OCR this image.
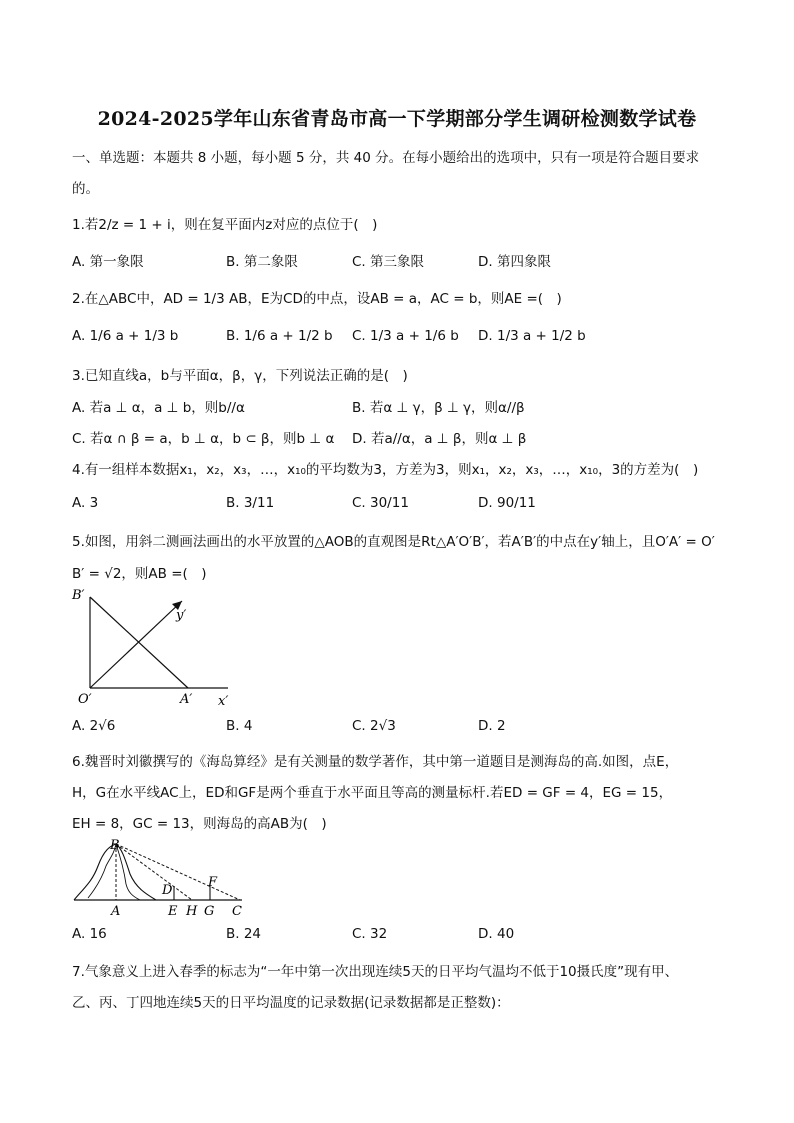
2024-2025学年山东省青岛市高一下学期部分学生调研检测数学试卷
一、单选题：本题共 8 小题，每小题 5 分，共 40 分。在每小题给出的选项中，只有一项是符合题目要求
的。
1.若2/z = 1 + i，则在复平面内z对应的点位于(　)
A. 第一象限	B. 第二象限	C. 第三象限	D. 第四象限
2.在△ABC中，AD = 1/3 AB，E为CD的中点，设AB = a，AC = b，则AE =(　)
A. 1/6 a + 1/3 b	B. 1/6 a + 1/2 b C. 1/3 a + 1/6 b D. 1/3 a + 1/2 b
3.已知直线a，b与平面α，β，γ，下列说法正确的是(　)
A. 若a ⊥ α，a ⊥ b，则b//α	B. 若α ⊥ γ，β ⊥ γ，则α//β
C. 若α ∩ β = a，b ⊥ α，b ⊂ β，则b ⊥ α D. 若a//α，a ⊥ β，则α ⊥ β
4.有一组样本数据x₁，x₂，x₃，…，x₁₀的平均数为3，方差为3，则x₁，x₂，x₃，…，x₁₀，3的方差为(　)
A. 3	B. 3/11	C. 30/11	D. 90/11
5.如图，用斜二测画法画出的水平放置的△AOB的直观图是Rt△A′O′B′，若A′B′的中点在y′轴上，且O′A′ = O′
B′ = √2，则AB =(　)
B′
y′
O′	A′ x′
A. 2√6	B. 4	C. 2√3	D. 2
6.魏晋时刘徽撰写的《海岛算经》是有关测量的数学著作，其中第一道题目是测海岛的高.如图，点E，
H，G在水平线AC上，ED和GF是两个垂直于水平面且等高的测量标杆.若ED = GF = 4，EG = 15，
EH = 8，GC = 13，则海岛的高AB为(　)
B
D
F
A	E H G C
A. 16	B. 24	C. 32	D. 40
7.气象意义上进入春季的标志为“一年中第一次出现连续5天的日平均气温均不低于10摄氏度”现有甲、
乙、丙、丁四地连续5天的日平均温度的记录数据(记录数据都是正整数)：
